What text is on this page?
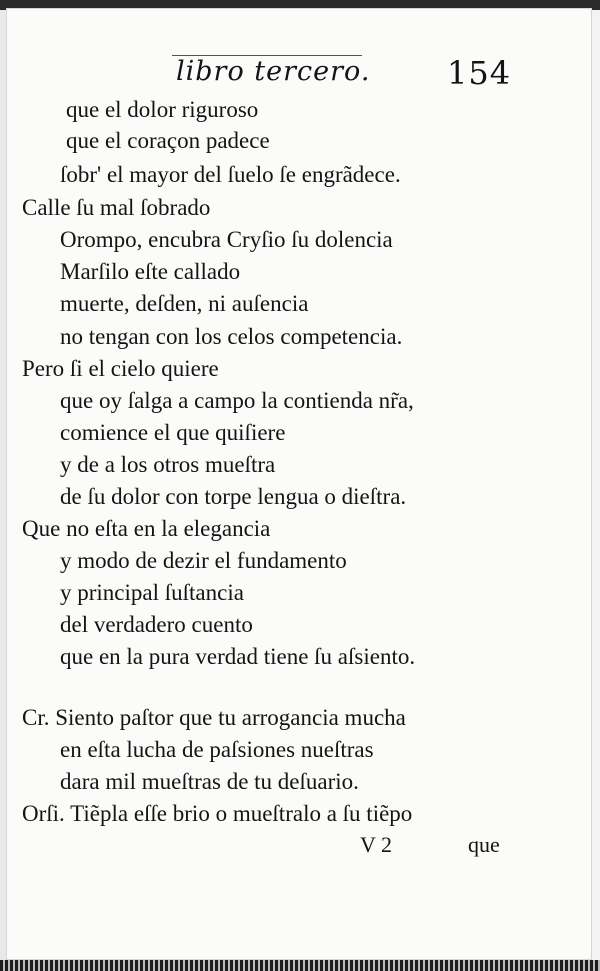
libro tercero. 154
que el dolor riguroso
que el coraçon padece
ſobr' el mayor del ſuelo ſe engrãdece.
Calle ſu mal ſobrado
Orompo, encubra Cryſio ſu dolencia
Marſilo eſte callado
muerte, deſden, ni auſencia
no tengan con los celos competencia.
Pero ſi el cielo quiere
que oy ſalga a campo la contienda nr̃a,
comience el que quiſiere
y de a los otros mueſtra
de ſu dolor con torpe lengua o dieſtra.
Que no eſta en la elegancia
y modo de dezir el fundamento
y principal ſuſtancia
del verdadero cuento
que en la pura verdad tiene ſu aſsiento.
Cr. Siento paſtor que tu arrogancia mucha
en eſta lucha de paſsiones nueſtras
dara mil mueſtras de tu deſuario.
Orſi. Tiẽpla eſſe brio o mueſtralo a ſu tiẽpo
V 2	que
